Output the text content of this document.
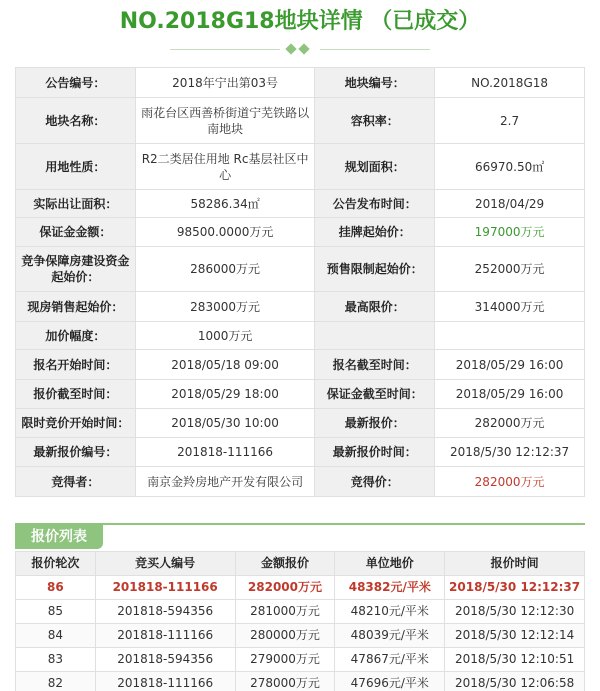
NO.2018G18地块详情 （已成交）
公告编号：	2018年宁出第03号	地块编号：	NO.2018G18
地块名称：	雨花台区西善桥街道宁芜铁路以南地块	容积率：	2.7
用地性质：	R2二类居住用地 Rc基层社区中心	规划面积：	66970.50㎡
实际出让面积：	58286.34㎡	公告发布时间：	2018/04/29
保证金金额：	98500.0000万元	挂牌起始价：	197000万元
竞争保障房建设资金起始价：	286000万元	预售限制起始价：	252000万元
现房销售起始价：	283000万元	最高限价：	314000万元
加价幅度：	1000万元		
报名开始时间：	2018/05/18 09:00	报名截至时间：	2018/05/29 16:00
报价截至时间：	2018/05/29 18:00	保证金截至时间：	2018/05/29 16:00
限时竞价开始时间：	2018/05/30 10:00	最新报价：	282000万元
最新报价编号：	201818-111166	最新报价时间：	2018/5/30 12:12:37
竞得者：	南京金羚房地产开发有限公司	竞得价：	282000万元
报价列表
报价轮次	竞买人编号	金额报价	单位地价	报价时间
86	201818-111166	282000万元	48382元/平米	2018/5/30 12:12:37
85	201818-594356	281000万元	48210元/平米	2018/5/30 12:12:30
84	201818-111166	280000万元	48039元/平米	2018/5/30 12:12:14
83	201818-594356	279000万元	47867元/平米	2018/5/30 12:10:51
82	201818-111166	278000万元	47696元/平米	2018/5/30 12:06:58
